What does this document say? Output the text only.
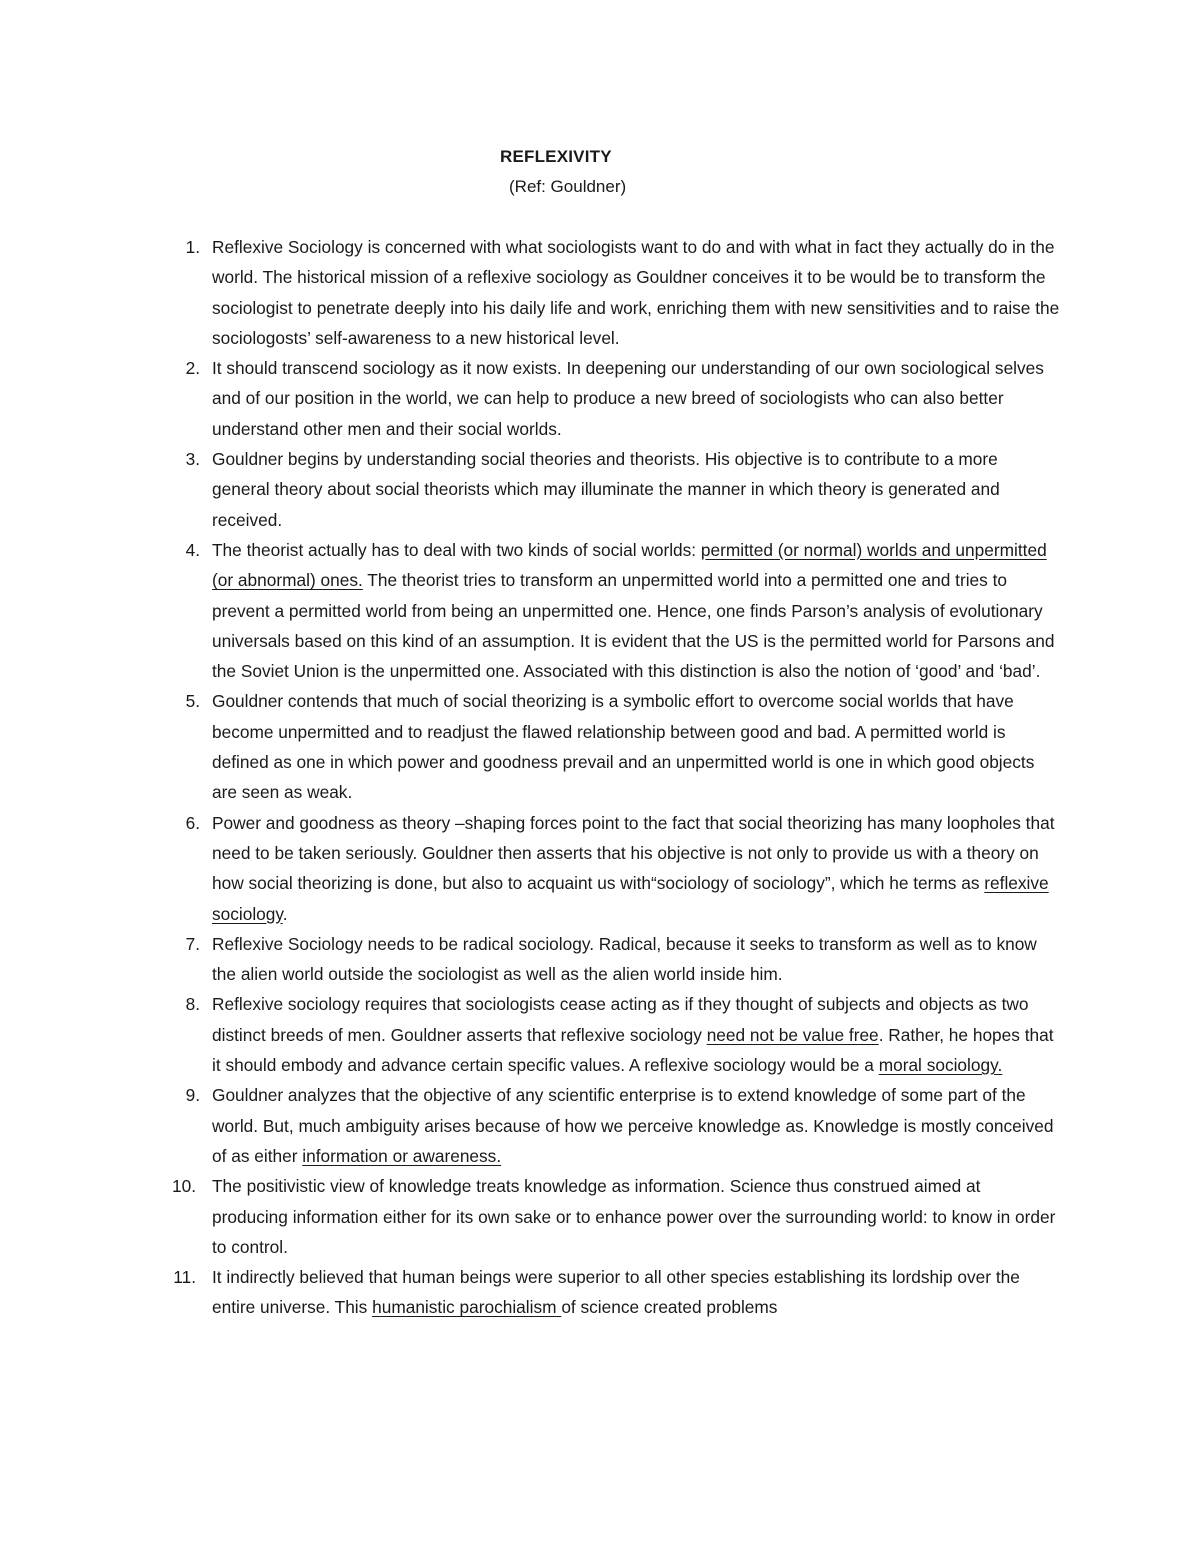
REFLEXIVITY

(Ref: Gouldner)

1. Reflexive Sociology is concerned with what sociologists want to do and with what in fact they actually do in the world. The historical mission of a reflexive sociology as Gouldner conceives it to be would be to transform the sociologist to penetrate deeply into his daily life and work, enriching them with new sensitivities and to raise the sociologosts’ self-awareness to a new historical level.
2. It should transcend sociology as it now exists. In deepening our understanding of our own sociological selves and of our position in the world, we can help to produce a new breed of sociologists who can also better understand other men and their social worlds.
3. Gouldner begins by understanding social theories and theorists. His objective is to contribute to a more general theory about social theorists which may illuminate the manner in which theory is generated and received.
4. The theorist actually has to deal with two kinds of social worlds: permitted (or normal) worlds and unpermitted (or abnormal) ones. The theorist tries to transform an unpermitted world into a permitted one and tries to prevent a permitted world from being an unpermitted one. Hence, one finds Parson’s analysis of evolutionary universals based on this kind of an assumption. It is evident that the US is the permitted world for Parsons and the Soviet Union is the unpermitted one. Associated with this distinction is also the notion of ‘good’ and ‘bad’.
5. Gouldner contends that much of social theorizing is a symbolic effort to overcome social worlds that have become unpermitted and to readjust the flawed relationship between good and bad. A permitted world is defined as one in which power and goodness prevail and an unpermitted world is one in which good objects are seen as weak.
6. Power and goodness as theory –shaping forces point to the fact that social theorizing has many loopholes that need to be taken seriously. Gouldner then asserts that his objective is not only to provide us with a theory on how social theorizing is done, but also to acquaint us with“sociology of sociology”, which he terms as reflexive sociology.
7. Reflexive Sociology needs to be radical sociology. Radical, because it seeks to transform as well as to know the alien world outside the sociologist as well as the alien world inside him.
8. Reflexive sociology requires that sociologists cease acting as if they thought of subjects and objects as two distinct breeds of men. Gouldner asserts that reflexive sociology need not be value free. Rather, he hopes that it should embody and advance certain specific values. A reflexive sociology would be a moral sociology.
9. Gouldner analyzes that the objective of any scientific enterprise is to extend knowledge of some part of the world. But, much ambiguity arises because of how we perceive knowledge as. Knowledge is mostly conceived of as either information or awareness.
10. The positivistic view of knowledge treats knowledge as information. Science thus construed aimed at producing information either for its own sake or to enhance power over the surrounding world: to know in order to control.
11. It indirectly believed that human beings were superior to all other species establishing its lordship over the entire universe. This humanistic parochialism of science created problems
